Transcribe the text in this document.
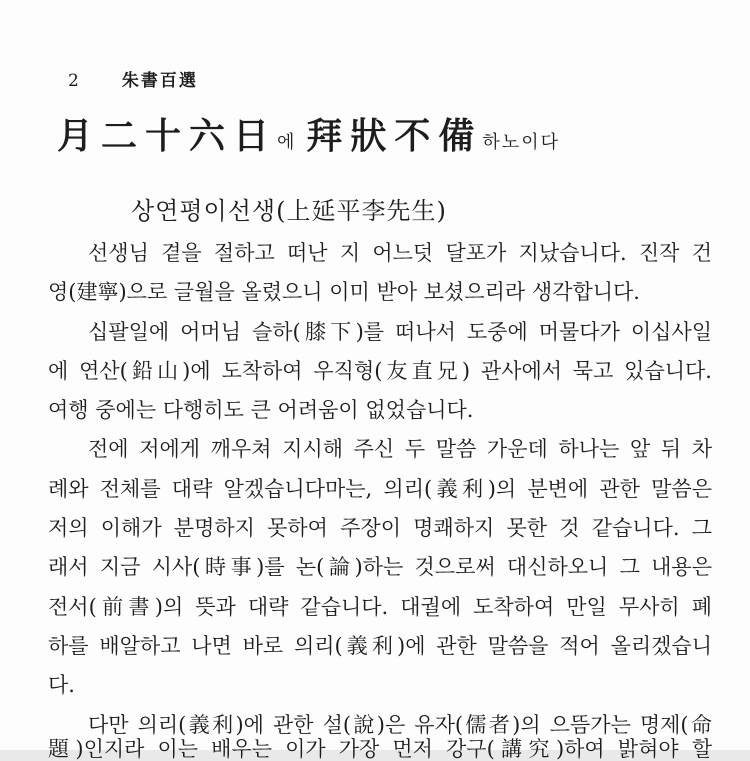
2 朱書百選
月二十六日에 拜狀不備하노이다
상연평이선생(上延平李先生)
선생님 곁을 절하고 떠난 지 어느덧 달포가 지났습니다. 진작 건
영(建寧)으로 글월을 올렸으니 이미 받아 보셨으리라 생각합니다.
십팔일에 어머님 슬하(膝下)를 떠나서 도중에 머물다가 이십사일
에 연산(鉛山)에 도착하여 우직형(友直兄) 관사에서 묵고 있습니다.
여행 중에는 다행히도 큰 어려움이 없었습니다.
전에 저에게 깨우쳐 지시해 주신 두 말씀 가운데 하나는 앞 뒤 차
례와 전체를 대략 알겠습니다마는, 의리(義利)의 분변에 관한 말씀은
저의 이해가 분명하지 못하여 주장이 명쾌하지 못한 것 같습니다. 그
래서 지금 시사(時事)를 논(論)하는 것으로써 대신하오니 그 내용은
전서(前書)의 뜻과 대략 같습니다. 대궐에 도착하여 만일 무사히 폐
하를 배알하고 나면 바로 의리(義利)에 관한 말씀을 적어 올리겠습니
다.
다만 의리(義利)에 관한 설(說)은 유자(儒者)의 으뜸가는 명제(命
題)인지라 이는 배우는 이가 가장 먼저 강구(講究)하여 밝혀야 할
